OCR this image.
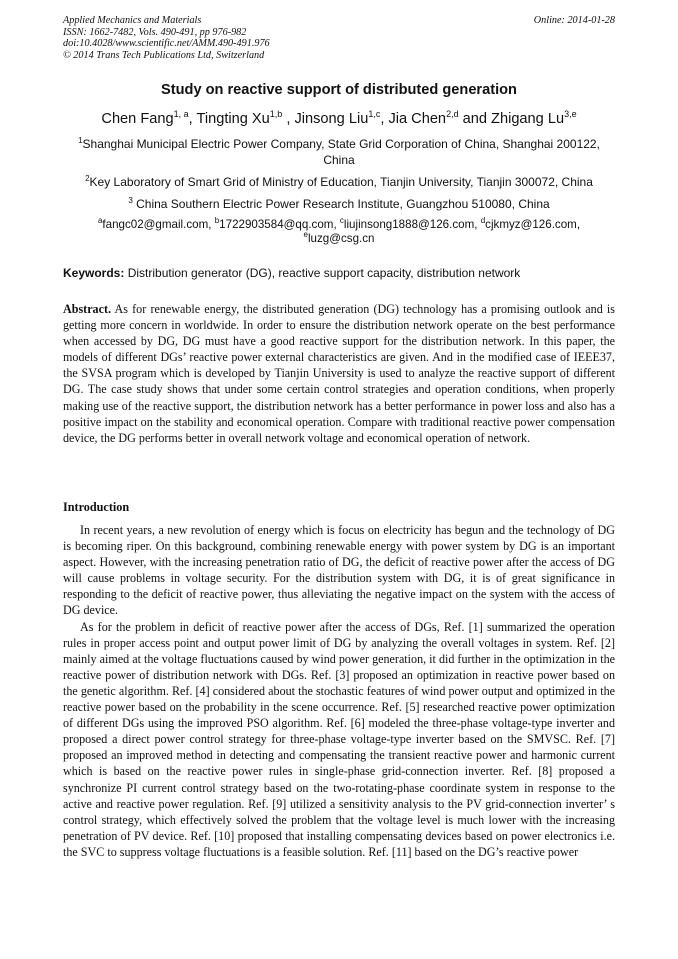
Applied Mechanics and Materials
ISSN: 1662-7482, Vols. 490-491, pp 976-982
doi:10.4028/www.scientific.net/AMM.490-491.976
© 2014 Trans Tech Publications Ltd, Switzerland
Online: 2014-01-28
Study on reactive support of distributed generation
Chen Fang$^{1, a}$, Tingting Xu$^{1,b}$ , Jinsong Liu$^{1,c}$, Jia Chen$^{2,d}$ and Zhigang Lu$^{3,e}$
$^1$Shanghai Municipal Electric Power Company, State Grid Corporation of China, Shanghai 200122, China
$^2$Key Laboratory of Smart Grid of Ministry of Education, Tianjin University, Tianjin 300072, China
$^3$ China Southern Electric Power Research Institute, Guangzhou 510080, China
$^a$fangc02@gmail.com, $^b$1722903584@qq.com, $^c$liujinsong1888@126.com, $^d$cjkmyz@126.com,
$^e$luzg@csg.cn
Keywords: Distribution generator (DG), reactive support capacity, distribution network
Abstract. As for renewable energy, the distributed generation (DG) technology has a promising outlook and is getting more concern in worldwide. In order to ensure the distribution network operate on the best performance when accessed by DG, DG must have a good reactive support for the distribution network. In this paper, the models of different DGs’ reactive power external characteristics are given. And in the modified case of IEEE37, the SVSA program which is developed by Tianjin University is used to analyze the reactive support of different DG. The case study shows that under some certain control strategies and operation conditions, when properly making use of the reactive support, the distribution network has a better performance in power loss and also has a positive impact on the stability and economical operation. Compare with traditional reactive power compensation device, the DG performs better in overall network voltage and economical operation of network.
Introduction

In recent years, a new revolution of energy which is focus on electricity has begun and the technology of DG is becoming riper. On this background, combining renewable energy with power system by DG is an important aspect. However, with the increasing penetration ratio of DG, the deficit of reactive power after the access of DG will cause problems in voltage security. For the distribution system with DG, it is of great significance in responding to the deficit of reactive power, thus alleviating the negative impact on the system with the access of DG device.

As for the problem in deficit of reactive power after the access of DGs, Ref. [1] summarized the operation rules in proper access point and output power limit of DG by analyzing the overall voltages in system. Ref. [2] mainly aimed at the voltage fluctuations caused by wind power generation, it did further in the optimization in the reactive power of distribution network with DGs. Ref. [3] proposed an optimization in reactive power based on the genetic algorithm. Ref. [4] considered about the stochastic features of wind power output and optimized in the reactive power based on the probability in the scene occurrence. Ref. [5] researched reactive power optimization of different DGs using the improved PSO algorithm. Ref. [6] modeled the three-phase voltage-type inverter and proposed a direct power control strategy for three-phase voltage-type inverter based on the SMVSC. Ref. [7] proposed an improved method in detecting and compensating the transient reactive power and harmonic current which is based on the reactive power rules in single-phase grid-connection inverter. Ref. [8] proposed a synchronize PI current control strategy based on the two-rotating-phase coordinate system in response to the active and reactive power regulation. Ref. [9] utilized a sensitivity analysis to the PV grid-connection inverter’ s control strategy, which effectively solved the problem that the voltage level is much lower with the increasing penetration of PV device. Ref. [10] proposed that installing compensating devices based on power electronics i.e. the SVC to suppress voltage fluctuations is a feasible solution. Ref. [11] based on the DG’s reactive power
